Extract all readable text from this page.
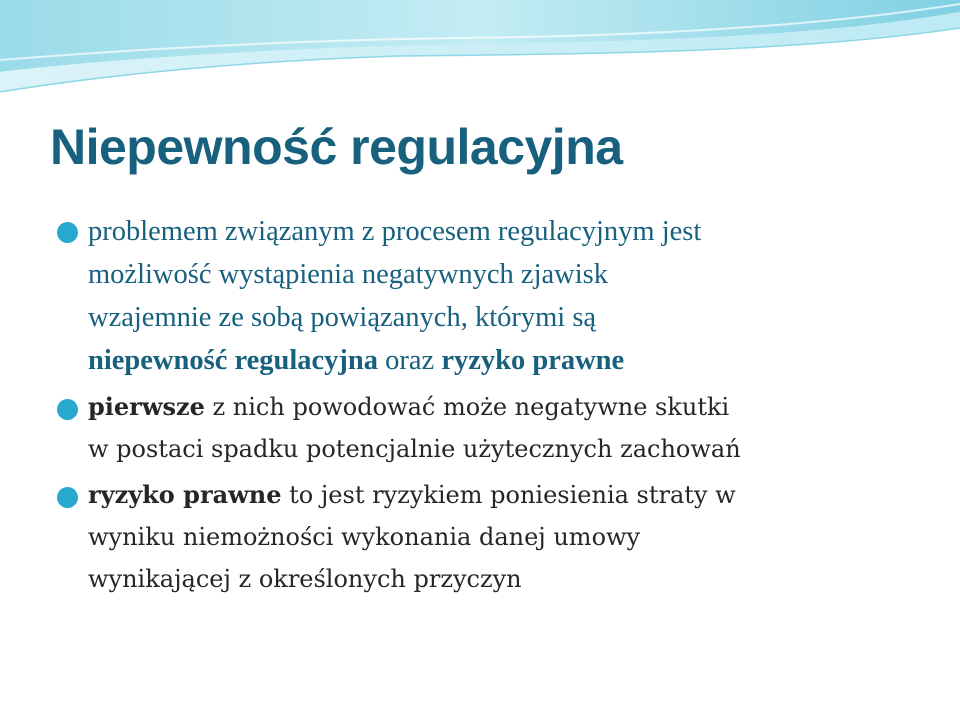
Niepewność regulacyjna
problemem związanym z procesem regulacyjnym jest
możliwość wystąpienia negatywnych zjawisk
wzajemnie ze sobą powiązanych, którymi są
niepewność regulacyjna oraz ryzyko prawne
pierwsze z nich powodować może negatywne skutki
w postaci spadku potencjalnie użytecznych zachowań
ryzyko prawne to jest ryzykiem poniesienia straty w
wyniku niemożności wykonania danej umowy
wynikającej z określonych przyczyn
